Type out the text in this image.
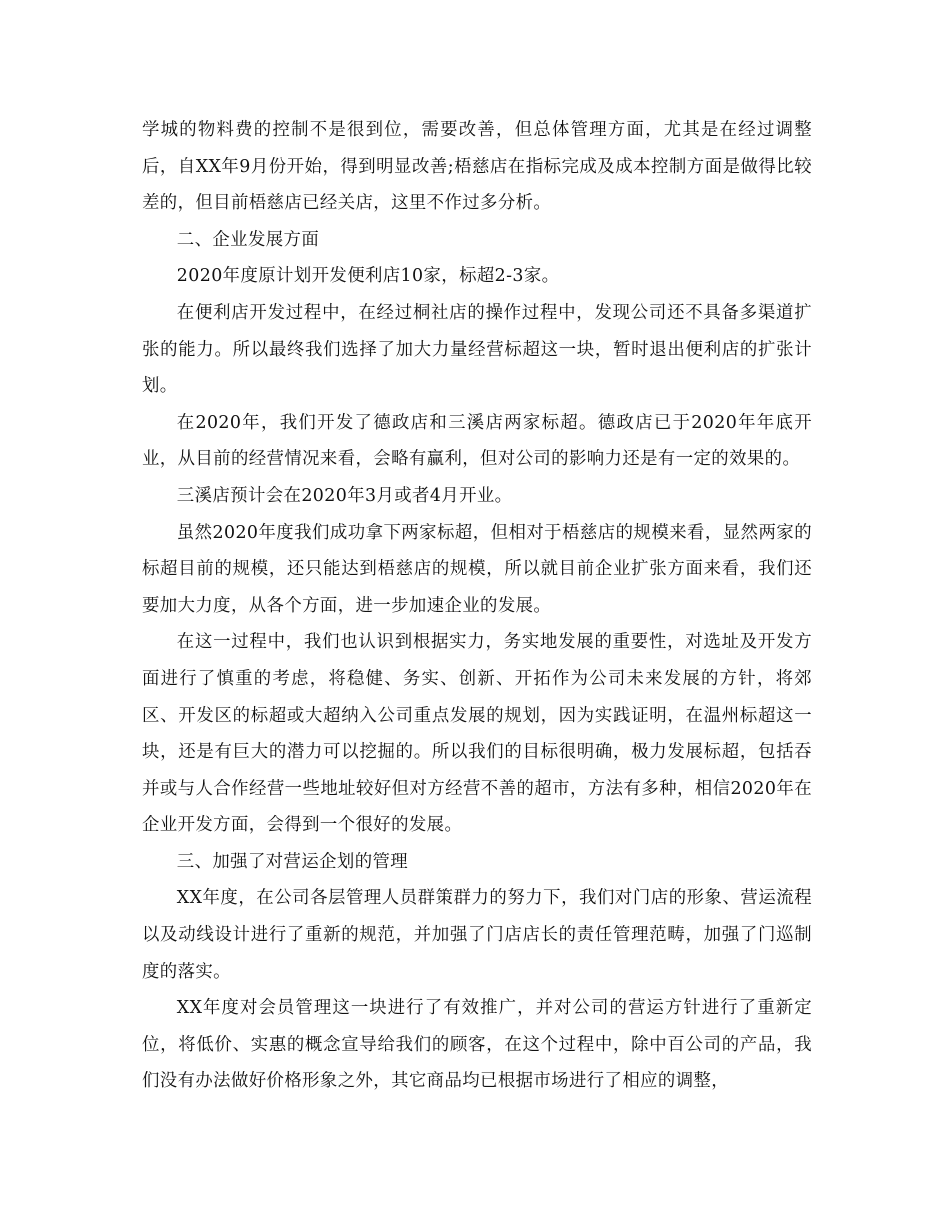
学城的物料费的控制不是很到位，需要改善，但总体管理方面，尤其是在经过调整后，自XX年9月份开始，得到明显改善;梧慈店在指标完成及成本控制方面是做得比较差的，但目前梧慈店已经关店，这里不作过多分析。

二、企业发展方面

2020年度原计划开发便利店10家，标超2-3家。

在便利店开发过程中，在经过桐社店的操作过程中，发现公司还不具备多渠道扩张的能力。所以最终我们选择了加大力量经营标超这一块，暂时退出便利店的扩张计划。

在2020年，我们开发了德政店和三溪店两家标超。德政店已于2020年年底开业，从目前的经营情况来看，会略有赢利，但对公司的影响力还是有一定的效果的。

三溪店预计会在2020年3月或者4月开业。

虽然2020年度我们成功拿下两家标超，但相对于梧慈店的规模来看，显然两家的标超目前的规模，还只能达到梧慈店的规模，所以就目前企业扩张方面来看，我们还要加大力度，从各个方面，进一步加速企业的发展。

在这一过程中，我们也认识到根据实力，务实地发展的重要性，对选址及开发方面进行了慎重的考虑，将稳健、务实、创新、开拓作为公司未来发展的方针，将郊区、开发区的标超或大超纳入公司重点发展的规划，因为实践证明，在温州标超这一块，还是有巨大的潜力可以挖掘的。所以我们的目标很明确，极力发展标超，包括吞并或与人合作经营一些地址较好但对方经营不善的超市，方法有多种，相信2020年在企业开发方面，会得到一个很好的发展。

三、加强了对营运企划的管理

XX年度，在公司各层管理人员群策群力的努力下，我们对门店的形象、营运流程以及动线设计进行了重新的规范，并加强了门店店长的责任管理范畴，加强了门巡制度的落实。

XX年度对会员管理这一块进行了有效推广，并对公司的营运方针进行了重新定位，将低价、实惠的概念宣导给我们的顾客，在这个过程中，除中百公司的产品，我们没有办法做好价格形象之外，其它商品均已根据市场进行了相应的调整，
